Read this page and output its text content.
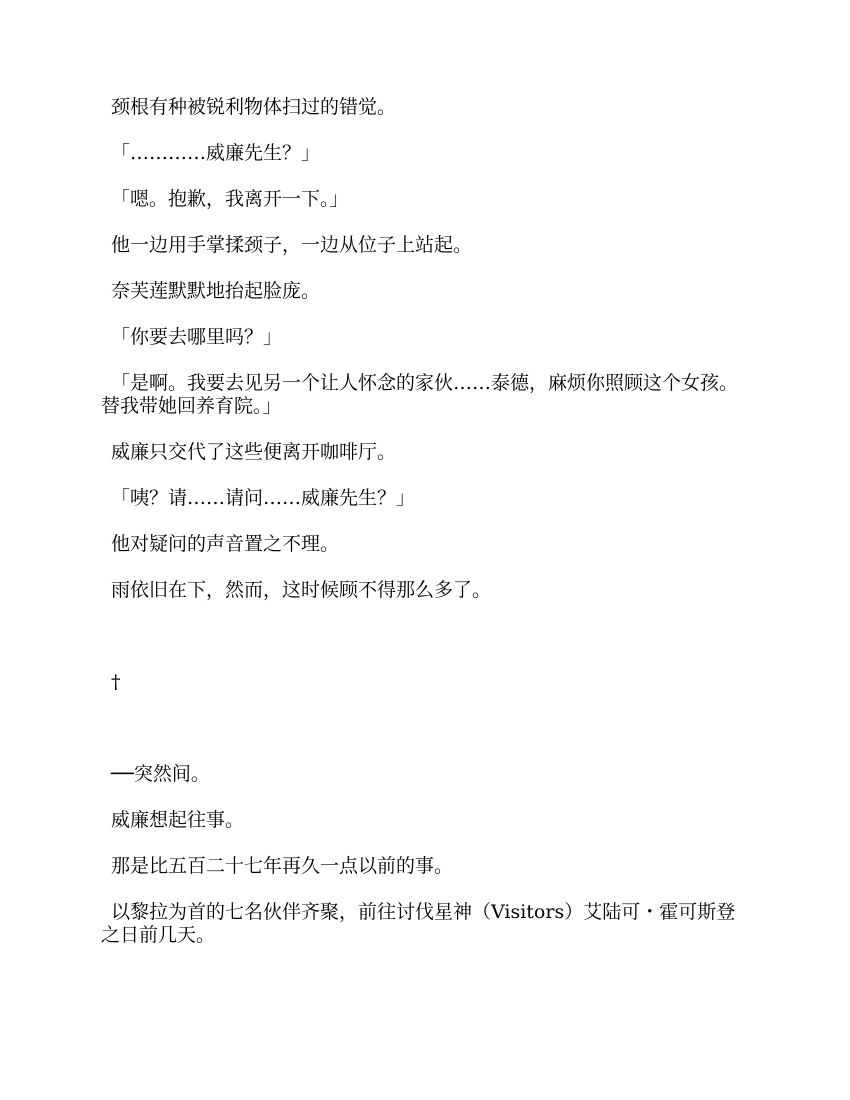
颈根有种被锐利物体扫过的错觉。

「…………威廉先生？」

「嗯。抱歉，我离开一下。」

他一边用手掌揉颈子，一边从位子上站起。

奈芙莲默默地抬起脸庞。

「你要去哪里吗？」

「是啊。我要去见另一个让人怀念的家伙……泰德，麻烦你照顾这个女孩。替我带她回养育院。」

威廉只交代了这些便离开咖啡厅。

「咦？请……请问……威廉先生？」

他对疑问的声音置之不理。

雨依旧在下，然而，这时候顾不得那么多了。

†

──突然间。

威廉想起往事。

那是比五百二十七年再久一点以前的事。

以黎拉为首的七名伙伴齐聚，前往讨伐星神（Visitors）艾陆可・霍可斯登之日前几天。
